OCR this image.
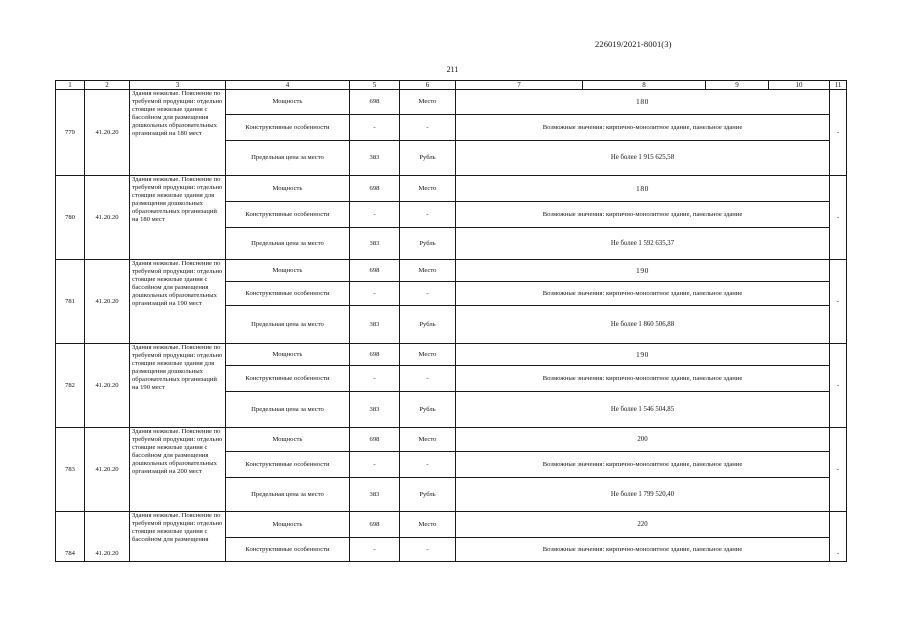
226019/2021-8001(3)
211
1	2	3	4	5	6	7	8	9	10	11
779	41.20.20	Здания нежилые. Пояснение по требуемой продукции: отдельно стоящие нежилые здания с бассейном для размещения дошкольных образовательных организаций на 180 мест	Мощность	698	Место	180				-
			Конструктивные особенности	-	-	Возможные значения: кирпично-монолитное здание, панельное здание				
			Предельная цена за место	383	Рубль	Не более 1 915 625,58				
780	41.20.20	Здания нежилые. Пояснение по требуемой продукции: отдельно стоящие нежилые здания для размещения дошкольных образовательных организаций на 180 мест	Мощность	698	Место	180				-
			Конструктивные особенности	-	-	Возможные значения: кирпично-монолитное здание, панельное здание				
			Предельная цена за место	383	Рубль	Не более 1 592 635,37				
781	41.20.20	Здания нежилые. Пояснение по требуемой продукции: отдельно стоящие нежилые здания с бассейном для размещения дошкольных образовательных организаций на 190 мест	Мощность	698	Место	190				-
			Конструктивные особенности	-	-	Возможные значения: кирпично-монолитное здание, панельное здание				
			Предельная цена за место	383	Рубль	Не более 1 860 506,88				
782	41.20.20	Здания нежилые. Пояснение по требуемой продукции: отдельно стоящие нежилые здания для размещения дошкольных образовательных организаций на 190 мест	Мощность	698	Место	190				-
			Конструктивные особенности	-	-	Возможные значения: кирпично-монолитное здание, панельное здание				
			Предельная цена за место	383	Рубль	Не более 1 546 504,85				
783	41.20.20	Здания нежилые. Пояснение по требуемой продукции: отдельно стоящие нежилые здания с бассейном для размещения дошкольных образовательных организаций на 200 мест	Мощность	698	Место	200				-
			Конструктивные особенности	-	-	Возможные значения: кирпично-монолитное здание, панельное здание				
			Предельная цена за место	383	Рубль	Не более 1 799 520,40				
784	41.20.20	Здания нежилые. Пояснение по требуемой продукции: отдельно стоящие нежилые здания с бассейном для размещения	Мощность	698	Место	220				-
			Конструктивные особенности	-	-	Возможные значения: кирпично-монолитное здание, панельное здание				
